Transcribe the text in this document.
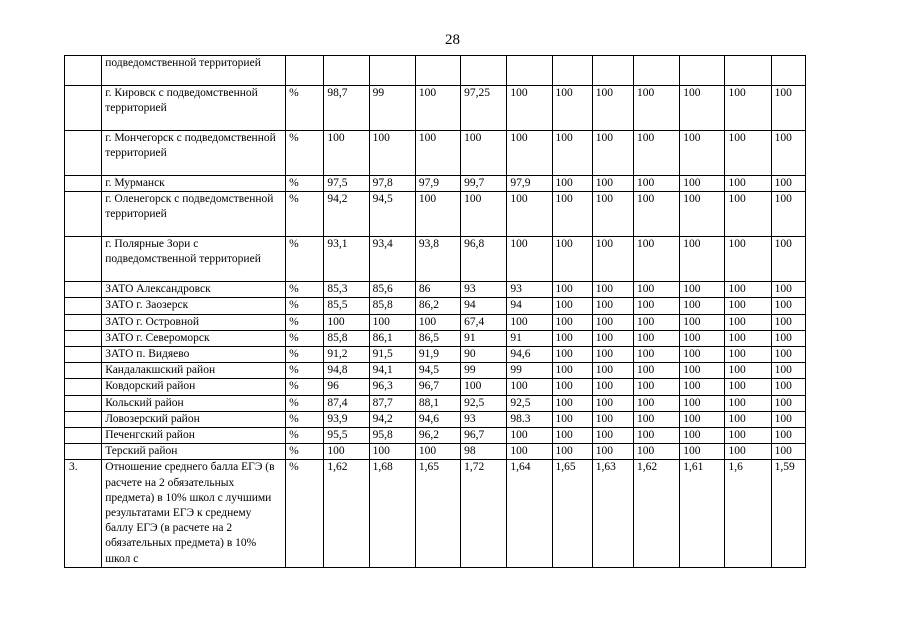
28
	подведомственной территорией												
	г. Кировск с подведомственной территорией	%	98,7	99	100	97,25	100	100	100	100	100	100	100
	г. Мончегорск с подведомственной территорией	%	100	100	100	100	100	100	100	100	100	100	100
	г. Мурманск	%	97,5	97,8	97,9	99,7	97,9	100	100	100	100	100	100
	г. Оленегорск с подведомственной территорией	%	94,2	94,5	100	100	100	100	100	100	100	100	100
	г. Полярные Зори с подведомственной территорией	%	93,1	93,4	93,8	96,8	100	100	100	100	100	100	100
	ЗАТО Александровск	%	85,3	85,6	86	93	93	100	100	100	100	100	100
	ЗАТО г. Заозерск	%	85,5	85,8	86,2	94	94	100	100	100	100	100	100
	ЗАТО г. Островной	%	100	100	100	67,4	100	100	100	100	100	100	100
	ЗАТО г. Североморск	%	85,8	86,1	86,5	91	91	100	100	100	100	100	100
	ЗАТО п. Видяево	%	91,2	91,5	91,9	90	94,6	100	100	100	100	100	100
	Кандалакшский район	%	94,8	94,1	94,5	99	99	100	100	100	100	100	100
	Ковдорский район	%	96	96,3	96,7	100	100	100	100	100	100	100	100
	Кольский район	%	87,4	87,7	88,1	92,5	92,5	100	100	100	100	100	100
	Ловозерский район	%	93,9	94,2	94,6	93	98.3	100	100	100	100	100	100
	Печенгский район	%	95,5	95,8	96,2	96,7	100	100	100	100	100	100	100
	Терский район	%	100	100	100	98	100	100	100	100	100	100	100
3.	Отношение среднего балла ЕГЭ (в расчете на 2 обязательных предмета) в 10% школ с лучшими результатами ЕГЭ к среднему баллу ЕГЭ (в расчете на 2 обязательных предмета) в 10% школ с	%	1,62	1,68	1,65	1,72	1,64	1,65	1,63	1,62	1,61	1,6	1,59
